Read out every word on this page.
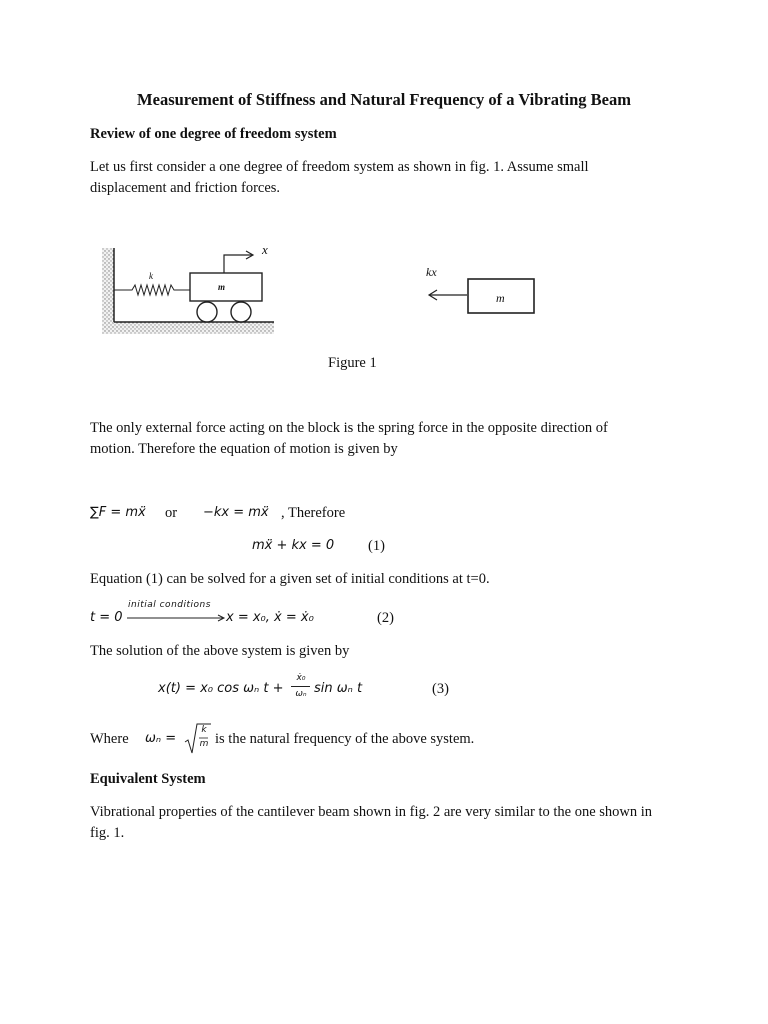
Measurement of Stiffness and Natural Frequency of a Vibrating Beam
Review of one degree of freedom system
Let us first consider a one degree of freedom system as shown in fig. 1. Assume small
displacement and friction forces.
x
k
m
kx
m
Figure 1
The only external force acting on the block is the spring force in the opposite direction of
motion. Therefore the equation of motion is given by
∑F = mẍ or −kx = mẍ , Therefore
mẍ + kx = 0 (1)
Equation (1) can be solved for a given set of initial conditions at t=0.
t = 0
initial conditions
x = x₀, ẋ = ẋ₀	(2)
The solution of the above system is given by
x(t) = x₀ cos ωₙ t +
ẋ₀
ωₙ sin ωₙ t	(3)
Where ωₙ =
k
m is the natural frequency of the above system.
Equivalent System
Vibrational properties of the cantilever beam shown in fig. 2 are very similar to the one shown in
fig. 1.
